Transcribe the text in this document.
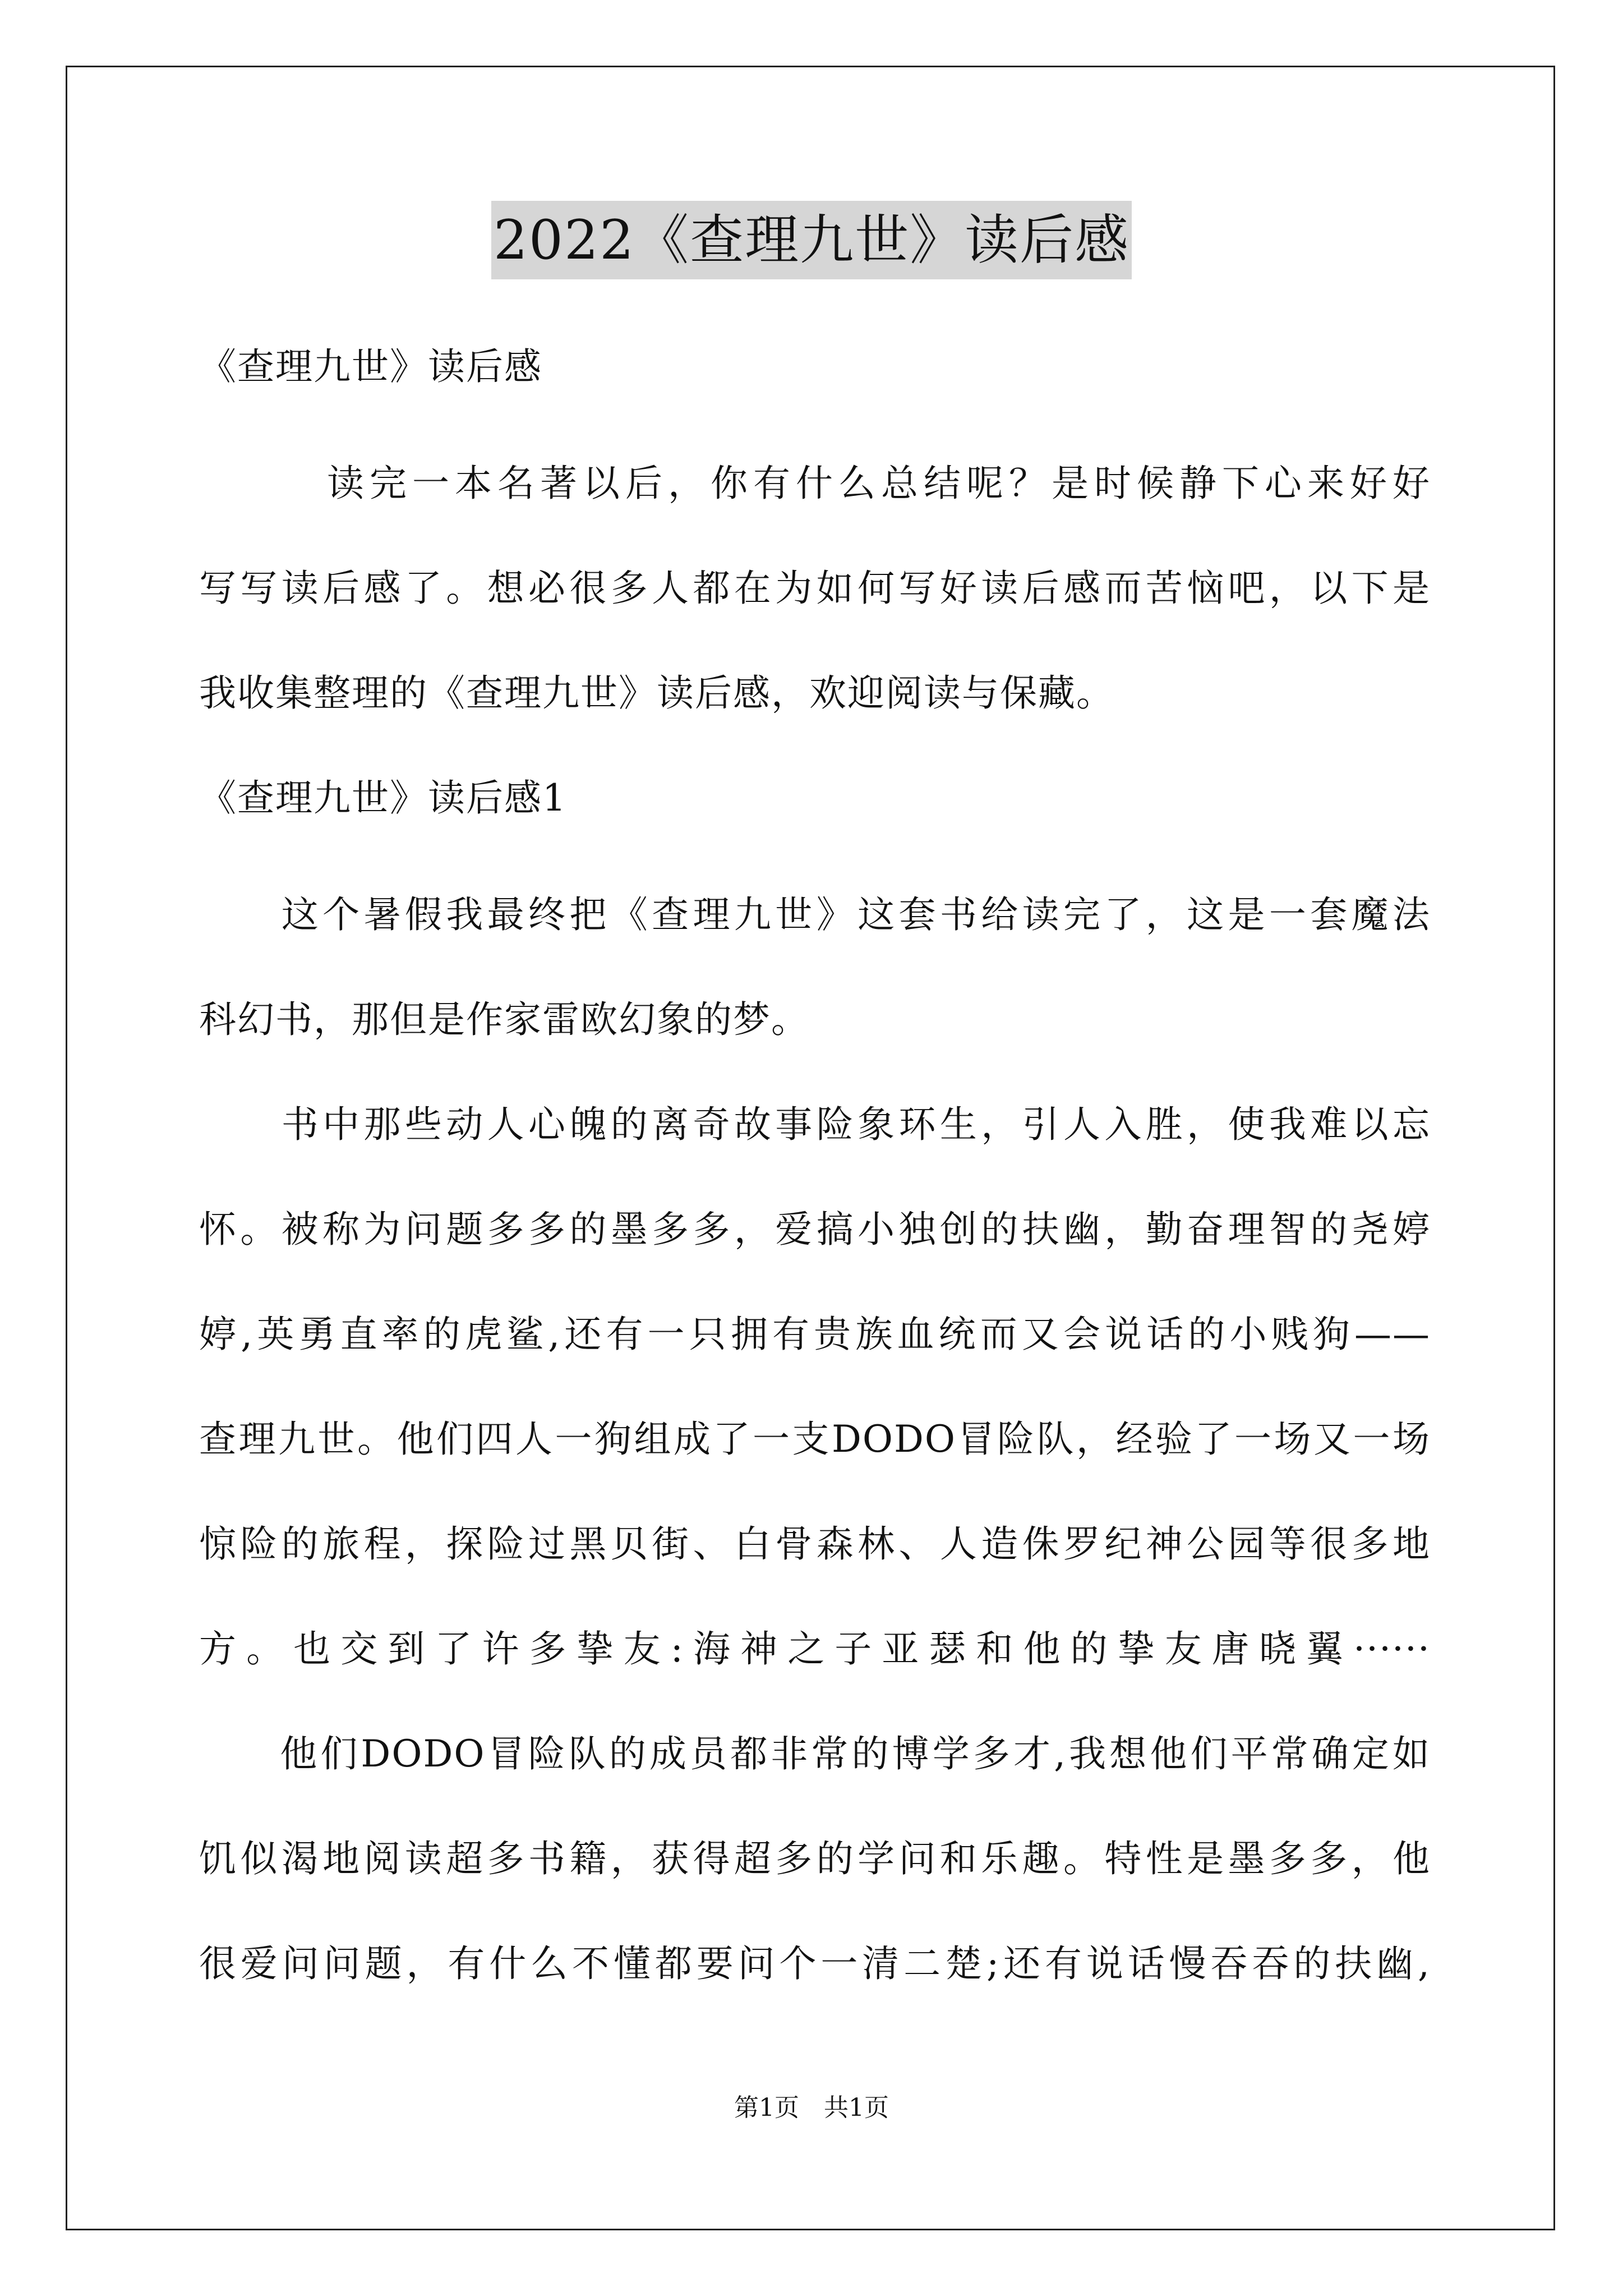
2022《查理九世》读后感
《查理九世》读后感
　　　读完一本名著以后，你有什么总结呢？是时候静下心来好好
写写读后感了。想必很多人都在为如何写好读后感而苦恼吧，以下是
我收集整理的《查理九世》读后感，欢迎阅读与保藏。
《查理九世》读后感1
　　这个暑假我最终把《查理九世》这套书给读完了，这是一套魔法
科幻书，那但是作家雷欧幻象的梦。
　　书中那些动人心魄的离奇故事险象环生，引人入胜，使我难以忘
怀。被称为问题多多的墨多多，爱搞小独创的扶幽，勤奋理智的尧婷
婷,英勇直率的虎鲨,还有一只拥有贵族血统而又会说话的小贱狗——
查理九世。他们四人一狗组成了一支DODO冒险队，经验了一场又一场
惊险的旅程，探险过黑贝街、白骨森林、人造侏罗纪神公园等很多地
方。也交到了许多挚友:海神之子亚瑟和他的挚友唐晓翼······
　　他们DODO冒险队的成员都非常的博学多才,我想他们平常确定如
饥似渴地阅读超多书籍，获得超多的学问和乐趣。特性是墨多多，他
很爱问问题，有什么不懂都要问个一清二楚;还有说话慢吞吞的扶幽,
第1页　共1页
